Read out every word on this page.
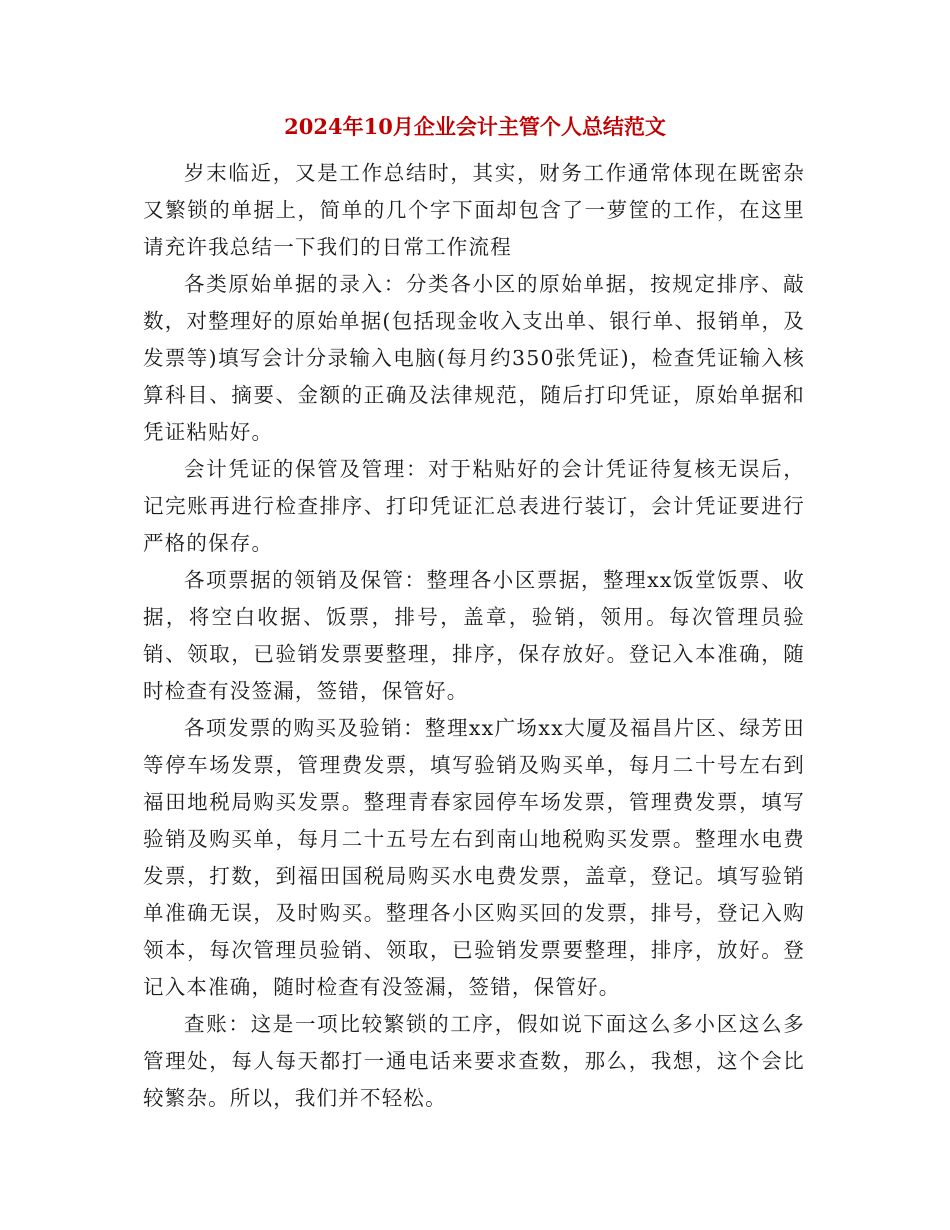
2024年10月企业会计主管个人总结范文

岁末临近，又是工作总结时，其实，财务工作通常体现在既密杂又繁锁的单据上，简单的几个字下面却包含了一萝筐的工作，在这里请充许我总结一下我们的日常工作流程

各类原始单据的录入：分类各小区的原始单据，按规定排序、敲数，对整理好的原始单据(包括现金收入支出单、银行单、报销单，及发票等)填写会计分录输入电脑(每月约350张凭证)，检查凭证输入核算科目、摘要、金额的正确及法律规范，随后打印凭证，原始单据和凭证粘贴好。

会计凭证的保管及管理：对于粘贴好的会计凭证待复核无误后，记完账再进行检查排序、打印凭证汇总表进行装订，会计凭证要进行严格的保存。

各项票据的领销及保管：整理各小区票据，整理xx饭堂饭票、收据，将空白收据、饭票，排号，盖章，验销，领用。每次管理员验销、领取，已验销发票要整理，排序，保存放好。登记入本准确，随时检查有没签漏，签错，保管好。

各项发票的购买及验销：整理xx广场xx大厦及福昌片区、绿芳田等停车场发票，管理费发票，填写验销及购买单，每月二十号左右到福田地税局购买发票。整理青春家园停车场发票，管理费发票，填写验销及购买单，每月二十五号左右到南山地税购买发票。整理水电费发票，打数，到福田国税局购买水电费发票，盖章，登记。填写验销单准确无误，及时购买。整理各小区购买回的发票，排号，登记入购领本，每次管理员验销、领取，已验销发票要整理，排序，放好。登记入本准确，随时检查有没签漏，签错，保管好。

查账：这是一项比较繁锁的工序，假如说下面这么多小区这么多管理处，每人每天都打一通电话来要求查数，那么，我想，这个会比较繁杂。所以，我们并不轻松。
